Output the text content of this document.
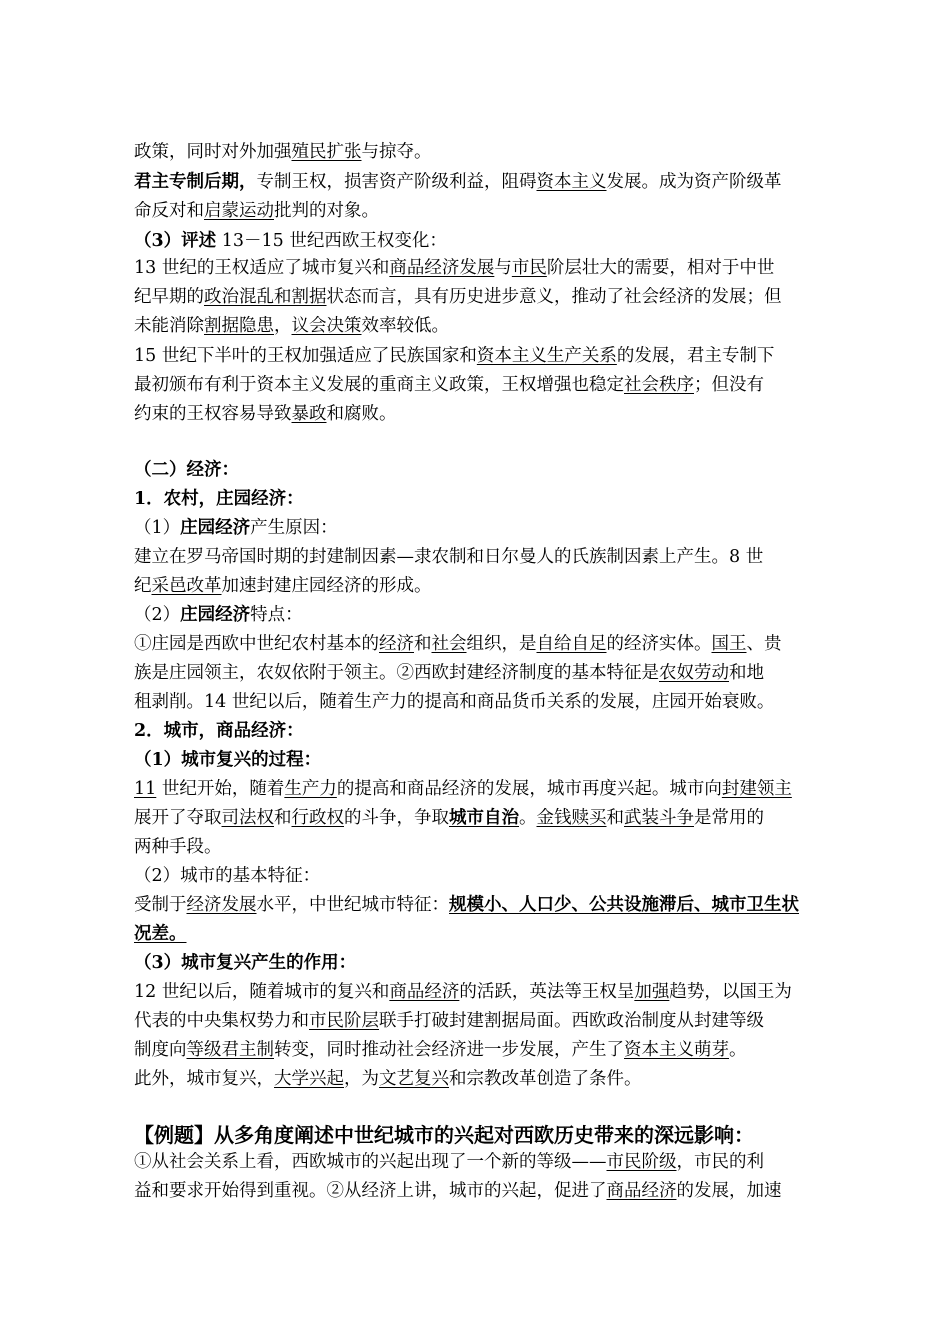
政策，同时对外加强殖民扩张与掠夺。
君主专制后期，专制王权，损害资产阶级利益，阻碍资本主义发展。成为资产阶级革
命反对和启蒙运动批判的对象。
（3）评述 13－15 世纪西欧王权变化：
13 世纪的王权适应了城市复兴和商品经济发展与市民阶层壮大的需要，相对于中世
纪早期的政治混乱和割据状态而言，具有历史进步意义，推动了社会经济的发展；但
未能消除割据隐患，议会决策效率较低。
15 世纪下半叶的王权加强适应了民族国家和资本主义生产关系的发展，君主专制下
最初颁布有利于资本主义发展的重商主义政策，王权增强也稳定社会秩序；但没有
约束的王权容易导致暴政和腐败。
（二）经济：
1．农村，庄园经济：
（1）庄园经济产生原因：
建立在罗马帝国时期的封建制因素—隶农制和日尔曼人的氏族制因素上产生。8 世
纪采邑改革加速封建庄园经济的形成。
（2）庄园经济特点：
①庄园是西欧中世纪农村基本的经济和社会组织，是自给自足的经济实体。国王、贵
族是庄园领主，农奴依附于领主。②西欧封建经济制度的基本特征是农奴劳动和地
租剥削。14 世纪以后，随着生产力的提高和商品货币关系的发展，庄园开始衰败。
2．城市，商品经济：
（1）城市复兴的过程：
11 世纪开始，随着生产力的提高和商品经济的发展，城市再度兴起。城市向封建领主
展开了夺取司法权和行政权的斗争，争取城市自治。金钱赎买和武装斗争是常用的
两种手段。
（2）城市的基本特征：
受制于经济发展水平，中世纪城市特征：规模小、人口少、公共设施滞后、城市卫生状
况差。
（3）城市复兴产生的作用：
12 世纪以后，随着城市的复兴和商品经济的活跃，英法等王权呈加强趋势，以国王为
代表的中央集权势力和市民阶层联手打破封建割据局面。西欧政治制度从封建等级
制度向等级君主制转变，同时推动社会经济进一步发展，产生了资本主义萌芽。
此外，城市复兴，大学兴起，为文艺复兴和宗教改革创造了条件。
【例题】从多角度阐述中世纪城市的兴起对西欧历史带来的深远影响：
①从社会关系上看，西欧城市的兴起出现了一个新的等级——市民阶级，市民的利
益和要求开始得到重视。②从经济上讲，城市的兴起，促进了商品经济的发展，加速
